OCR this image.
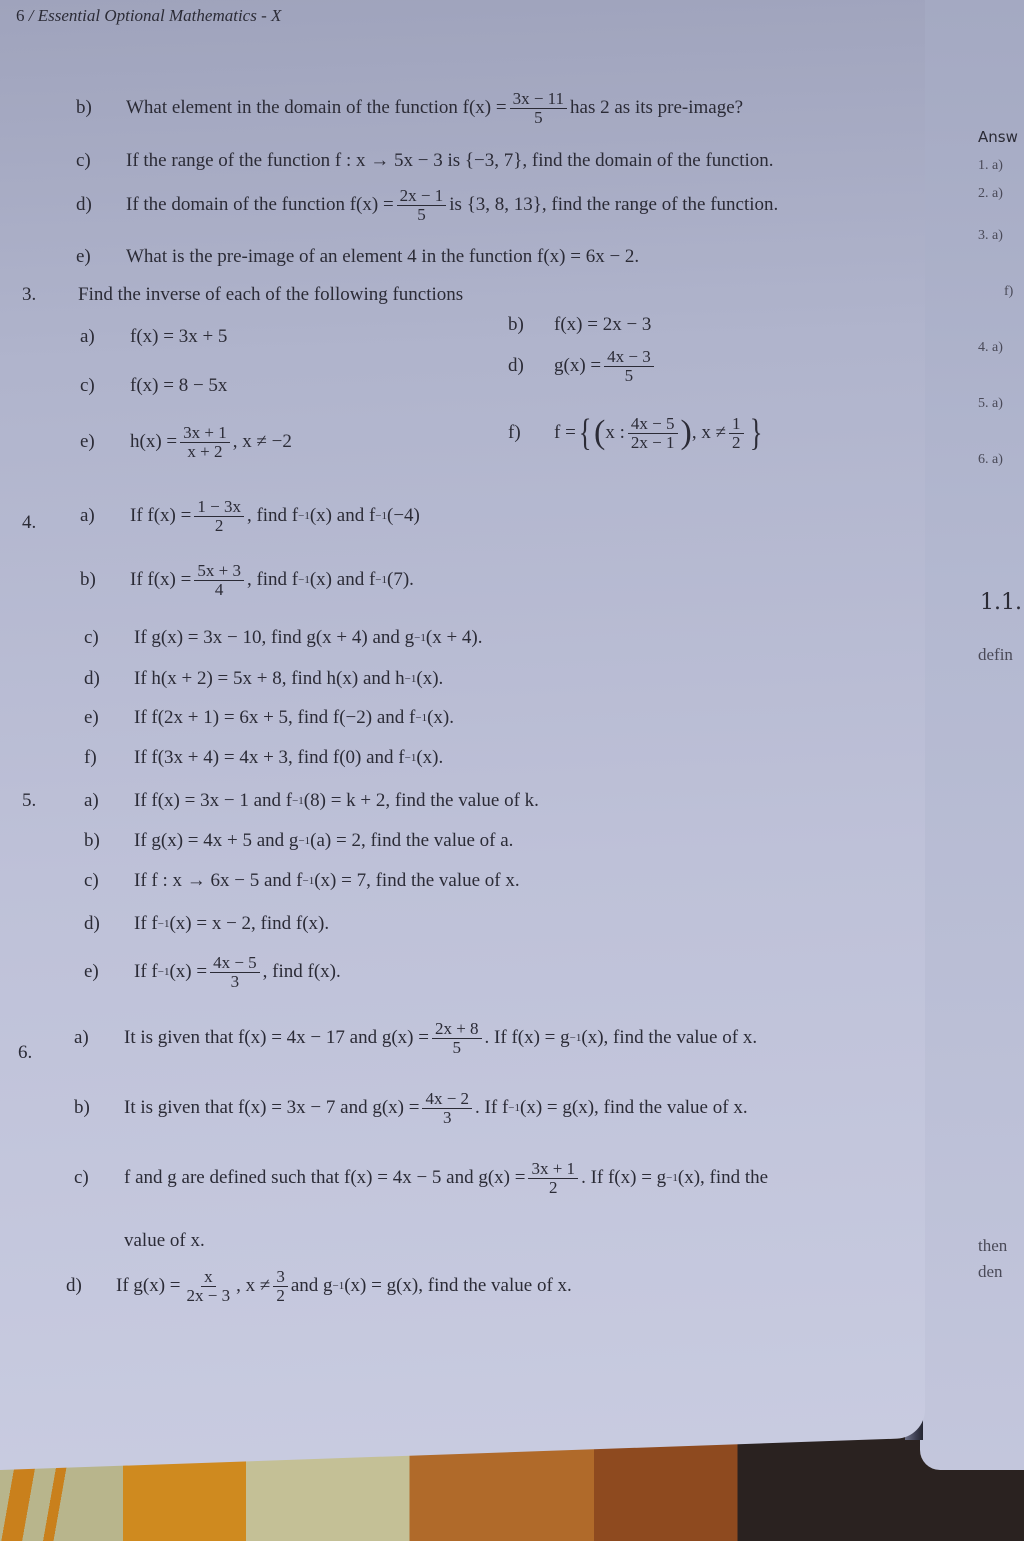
6 / Essential Optional Mathematics - X
b)	What element in the domain of the function $f(x) = \frac{3x - 11}{5}$ has 2 as its pre-image?
c)	If the range of the function f : x → 5x − 3 is {−3, 7}, find the domain of the function.
d)	If the domain of the function $f(x) = \frac{2x - 1}{5}$ is {3, 8, 13}, find the range of the function.
e)	What is the pre-image of an element 4 in the function f(x) = 6x − 2.
3. Find the inverse of each of the following functions
a)	f(x) = 3x + 5
b)	f(x) = 2x − 3
c)	f(x) = 8 − 5x
d)	$g(x) = \frac{4x - 3}{5}$
e)	$h(x) = \frac{3x + 1}{x + 2}$ , x ≠ −2	f)	f = { ( x : $\frac{4x - 5}{2x - 1}$ ) , $x \ne \frac{1}{2}$ }
4. a)	If $f(x) = \frac{1 - 3x}{2}$ , find f −1 (x) and f −1 (−4)
b)	If $f(x) = \frac{5x + 3}{4}$ , find f −1 (x) and f −1 (7).
c)	If g(x) = 3x − 10, find g(x + 4) and g −1 (x + 4).
d)	If h(x + 2) = 5x + 8, find h(x) and h −1 (x).
e)	If f(2x + 1) = 6x + 5, find f(−2) and f −1 (x).
f)	If f(3x + 4) = 4x + 3, find f(0) and f −1 (x).
5.	a)	If f(x) = 3x − 1 and f −1 (8) = k + 2, find the value of k.
b)	If g(x) = 4x + 5 and g −1 (a) = 2, find the value of a.
c)	If f : x → 6x − 5 and f −1 (x) = 7, find the value of x.
d)	If f −1 (x) = x − 2, find f(x).
e)	If f −1 $(x) = \frac{4x - 5}{3}$ , find f(x).
6.
a)	It is given that f(x) = 4x − 17 and $g(x) = \frac{2x + 8}{5}$ . If f(x) = g −1 (x), find the value of x.
b)	It is given that f(x) = 3x − 7 and $g(x) = \frac{4x - 2}{3}$ . If f −1 (x) = g(x), find the value of x.
c)	f and g are defined such that f(x) = 4x − 5 and $g(x) = \frac{3x + 1}{2}$ . If f(x) = g −1 (x), find the
value of x.
d)	If $g(x) = \frac{x}{2x - 3}$ , $x \ne \frac{3}{2}$ and g −1 (x) = g(x), find the value of x.
Answ
1. a)
2. a)
3. a)
f)
4. a)
5. a)
6. a)
1.1.
defin
then
den
